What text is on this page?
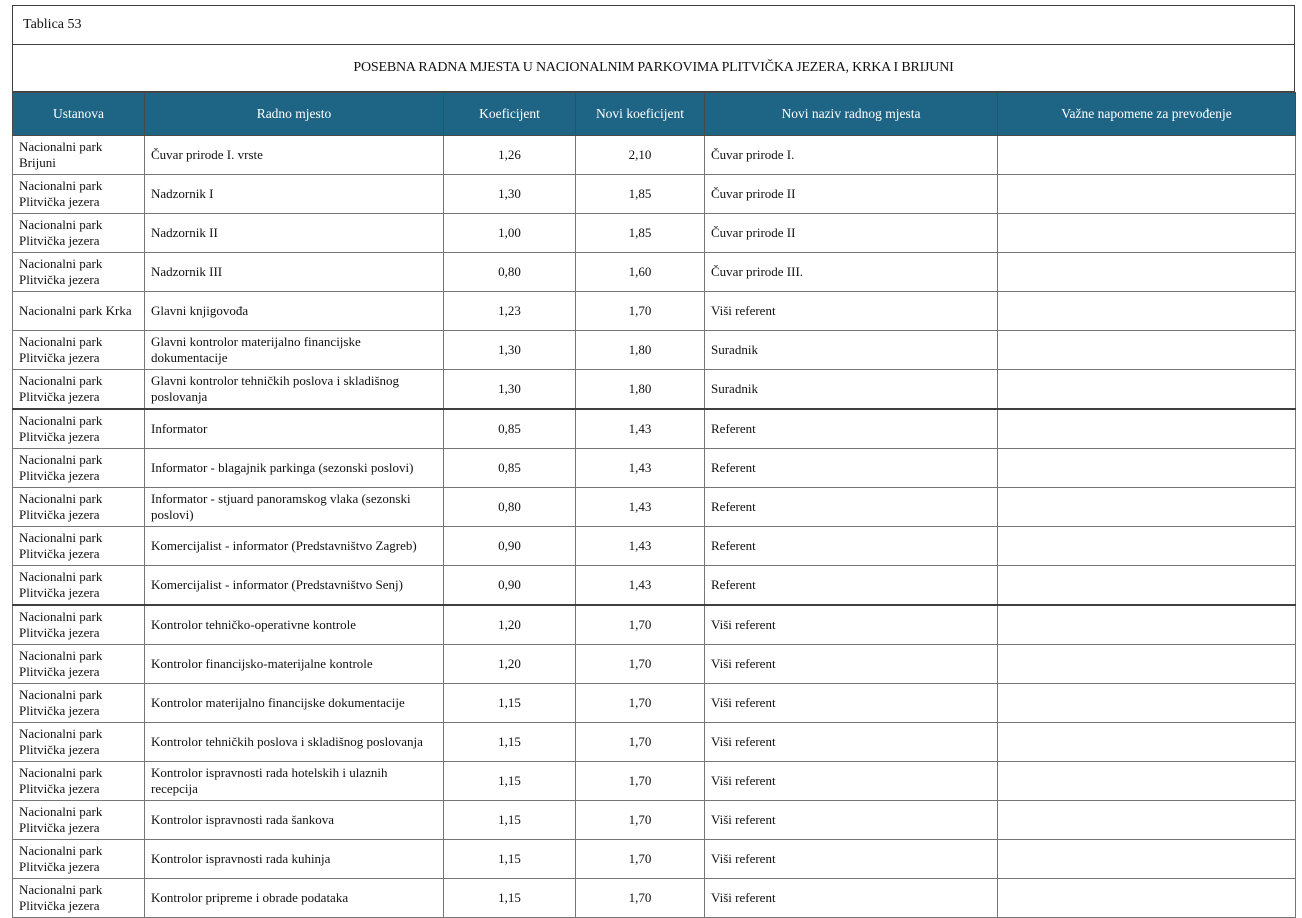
Tablica 53
POSEBNA RADNA MJESTA U NACIONALNIM PARKOVIMA PLITVIČKA JEZERA, KRKA I BRIJUNI
Ustanova	Radno mjesto	Koeficijent	Novi koeficijent	Novi naziv radnog mjesta	Važne napomene za prevođenje
Nacionalni park Brijuni	Čuvar prirode I. vrste	1,26	2,10	Čuvar prirode I.	
Nacionalni park Plitvička jezera	Nadzornik I	1,30	1,85	Čuvar prirode II	
Nacionalni park Plitvička jezera	Nadzornik II	1,00	1,85	Čuvar prirode II	
Nacionalni park Plitvička jezera	Nadzornik III	0,80	1,60	Čuvar prirode III.	
Nacionalni park Krka	Glavni knjigovođa	1,23	1,70	Viši referent	
Nacionalni park Plitvička jezera	Glavni kontrolor materijalno financijske dokumentacije	1,30	1,80	Suradnik	
Nacionalni park Plitvička jezera	Glavni kontrolor tehničkih poslova i skladišnog poslovanja	1,30	1,80	Suradnik	
Nacionalni park Plitvička jezera	Informator	0,85	1,43	Referent	
Nacionalni park Plitvička jezera	Informator - blagajnik parkinga (sezonski poslovi)	0,85	1,43	Referent	
Nacionalni park Plitvička jezera	Informator - stjuard panoramskog vlaka (sezonski poslovi)	0,80	1,43	Referent	
Nacionalni park Plitvička jezera	Komercijalist - informator (Predstavništvo Zagreb)	0,90	1,43	Referent	
Nacionalni park Plitvička jezera	Komercijalist - informator (Predstavništvo Senj)	0,90	1,43	Referent	
Nacionalni park Plitvička jezera	Kontrolor tehničko-operativne kontrole	1,20	1,70	Viši referent	
Nacionalni park Plitvička jezera	Kontrolor financijsko-materijalne kontrole	1,20	1,70	Viši referent	
Nacionalni park Plitvička jezera	Kontrolor materijalno financijske dokumentacije	1,15	1,70	Viši referent	
Nacionalni park Plitvička jezera	Kontrolor tehničkih poslova i skladišnog poslovanja	1,15	1,70	Viši referent	
Nacionalni park Plitvička jezera	Kontrolor ispravnosti rada hotelskih i ulaznih recepcija	1,15	1,70	Viši referent	
Nacionalni park Plitvička jezera	Kontrolor ispravnosti rada šankova	1,15	1,70	Viši referent	
Nacionalni park Plitvička jezera	Kontrolor ispravnosti rada kuhinja	1,15	1,70	Viši referent	
Nacionalni park Plitvička jezera	Kontrolor pripreme i obrade podataka	1,15	1,70	Viši referent	
